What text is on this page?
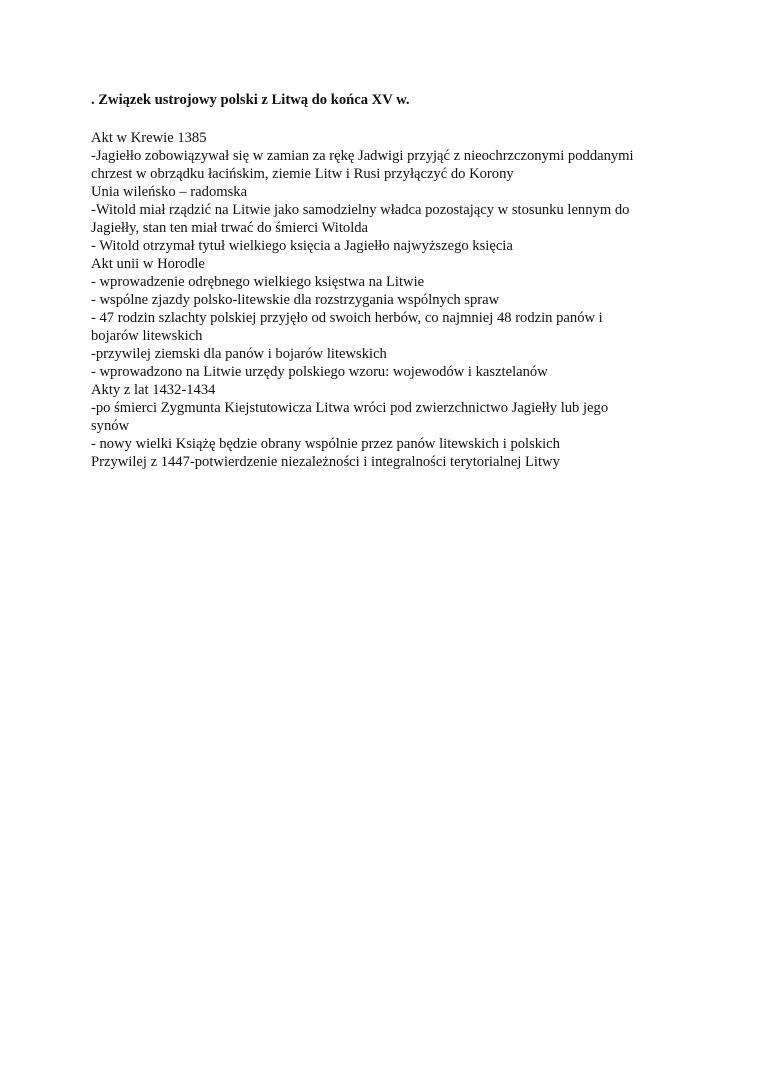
. Związek ustrojowy polski z Litwą do końca XV w.

Akt w Krewie 1385

-Jagiełło zobowiązywał się w zamian za rękę Jadwigi przyjąć z nieochrzczonymi poddanymi

chrzest w obrządku łacińskim, ziemie Litw i Rusi przyłączyć do Korony

Unia wileńsko – radomska

-Witold miał rządzić na Litwie jako samodzielny władca pozostający w stosunku lennym do

Jagiełły, stan ten miał trwać do śmierci Witolda

- Witold otrzymał tytuł wielkiego księcia a Jagiełło najwyższego księcia

Akt unii w Horodle

- wprowadzenie odrębnego wielkiego księstwa na Litwie

- wspólne zjazdy polsko-litewskie dla rozstrzygania wspólnych spraw

- 47 rodzin szlachty polskiej przyjęło od swoich herbów, co najmniej 48 rodzin panów i

bojarów litewskich

-przywilej ziemski dla panów i bojarów litewskich

- wprowadzono na Litwie urzędy polskiego wzoru: wojewodów i kasztelanów

Akty z lat 1432-1434

-po śmierci Zygmunta Kiejstutowicza Litwa wróci pod zwierzchnictwo Jagiełły lub jego

synów

- nowy wielki Książę będzie obrany wspólnie przez panów litewskich i polskich

Przywilej z 1447-potwierdzenie niezależności i integralności terytorialnej Litwy
